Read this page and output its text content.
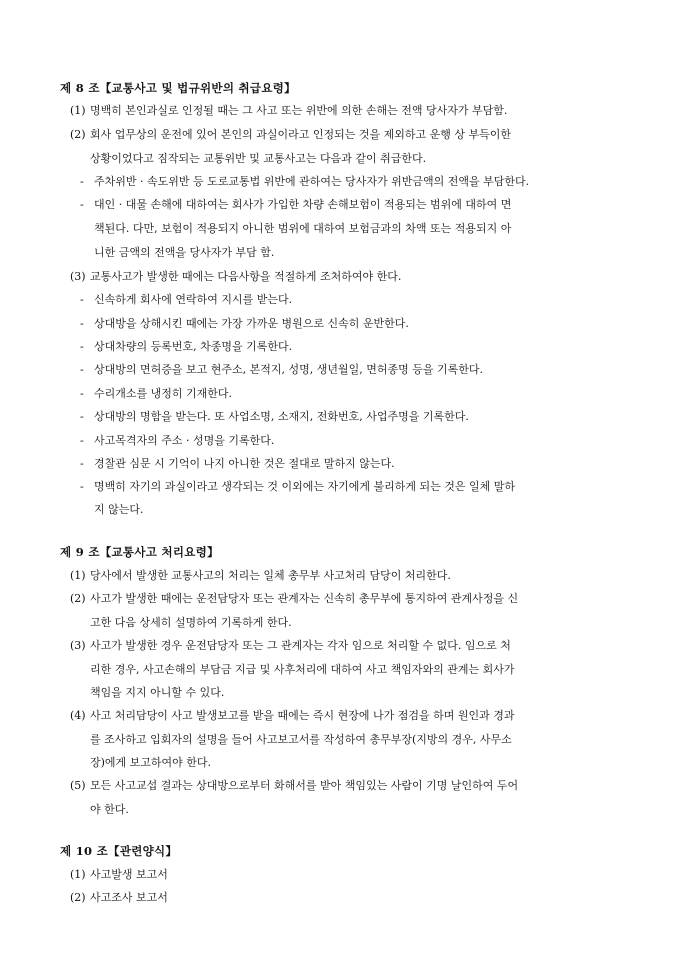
제 8 조【교통사고 및 법규위반의 취급요령】
(1) 명백히 본인과실로 인정될 때는 그 사고 또는 위반에 의한 손해는 전액 당사자가 부담함.
(2) 회사 업무상의 운전에 있어 본인의 과실이라고 인정되는 것을 제외하고 운행 상 부득이한
상황이었다고 짐작되는 교통위반 및 교통사고는 다음과 같이 취급한다.
- 주차위반 · 속도위반 등 도로교통법 위반에 관하여는 당사자가 위반금액의 전액을 부담한다.
- 대인 · 대물 손해에 대하여는 회사가 가입한 차량 손해보험이 적용되는 범위에 대하여 면
책된다. 다만, 보험이 적용되지 아니한 범위에 대하여 보험금과의 차액 또는 적용되지 아
니한 금액의 전액을 당사자가 부담 함.
(3) 교통사고가 발생한 때에는 다음사항을 적절하게 조처하여야 한다.
- 신속하게 회사에 연락하여 지시를 받는다.
- 상대방을 상해시킨 때에는 가장 가까운 병원으로 신속히 운반한다.
- 상대차량의 등록번호, 차종명을 기록한다.
- 상대방의 면허증을 보고 현주소, 본적지, 성명, 생년월일, 면허종명 등을 기록한다.
- 수리개소를 냉정히 기재한다.
- 상대방의 명함을 받는다. 또 사업소명, 소재지, 전화번호, 사업주명을 기록한다.
- 사고목격자의 주소 · 성명을 기록한다.
- 경찰관 심문 시 기억이 나지 아니한 것은 절대로 말하지 않는다.
- 명백히 자기의 과실이라고 생각되는 것 이외에는 자기에게 불리하게 되는 것은 일체 말하
지 않는다.
제 9 조【교통사고 처리요령】
(1) 당사에서 발생한 교통사고의 처리는 일체 총무부 사고처리 담당이 처리한다.
(2) 사고가 발생한 때에는 운전담당자 또는 관계자는 신속히 총무부에 통지하여 관계사정을 신
고한 다음 상세히 설명하여 기록하게 한다.
(3) 사고가 발생한 경우 운전담당자 또는 그 관계자는 각자 임으로 처리할 수 없다. 임으로 처
리한 경우, 사고손해의 부담금 지급 및 사후처리에 대하여 사고 책임자와의 관계는 회사가
책임을 지지 아니할 수 있다.
(4) 사고 처리담당이 사고 발생보고를 받을 때에는 즉시 현장에 나가 점검을 하며 원인과 경과
를 조사하고 입회자의 설명을 들어 사고보고서를 작성하여 총무부장(지방의 경우, 사무소
장)에게 보고하여야 한다.
(5) 모든 사고교섭 결과는 상대방으로부터 화해서를 받아 책임있는 사람이 기명 날인하여 두어
야 한다.
제 10 조【관련양식】
(1) 사고발생 보고서
(2) 사고조사 보고서
